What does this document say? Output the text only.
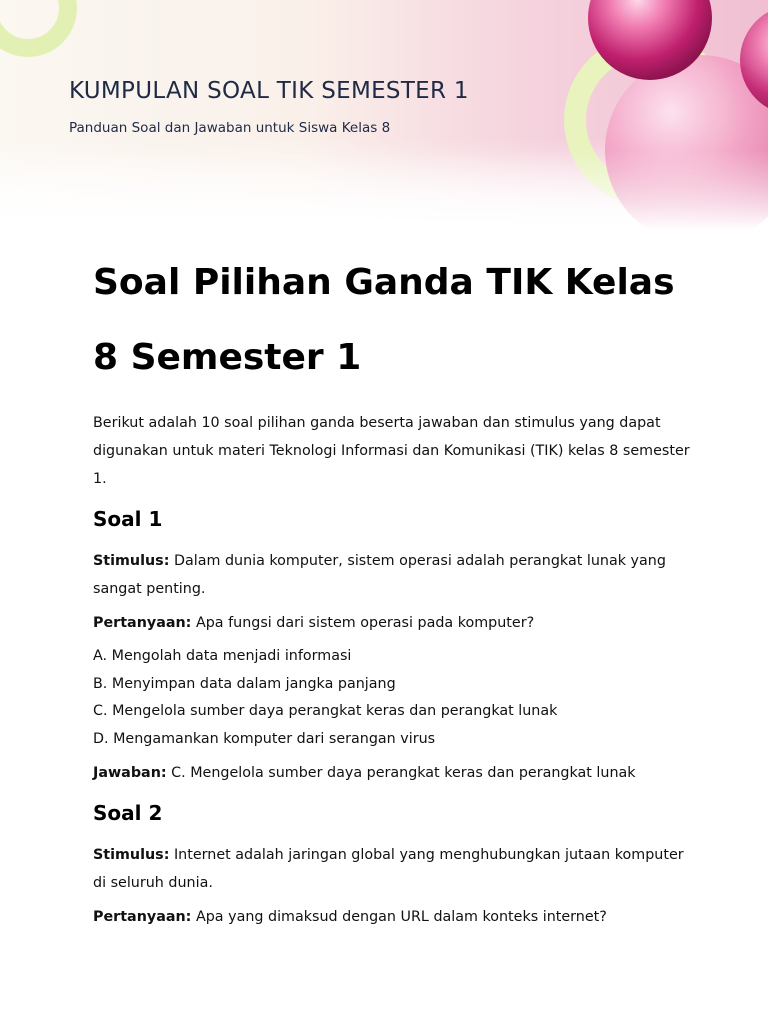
KUMPULAN SOAL TIK SEMESTER 1

Panduan Soal dan Jawaban untuk Siswa Kelas 8

Soal Pilihan Ganda TIK Kelas
8 Semester 1

Berikut adalah 10 soal pilihan ganda beserta jawaban dan stimulus yang dapat digunakan untuk materi Teknologi Informasi dan Komunikasi (TIK) kelas 8 semester 1.

Soal 1

Stimulus: Dalam dunia komputer, sistem operasi adalah perangkat lunak yang sangat penting.

Pertanyaan: Apa fungsi dari sistem operasi pada komputer?

A. Mengolah data menjadi informasi
B. Menyimpan data dalam jangka panjang
C. Mengelola sumber daya perangkat keras dan perangkat lunak
D. Mengamankan komputer dari serangan virus

Jawaban: C. Mengelola sumber daya perangkat keras dan perangkat lunak

Soal 2

Stimulus: Internet adalah jaringan global yang menghubungkan jutaan komputer di seluruh dunia.

Pertanyaan: Apa yang dimaksud dengan URL dalam konteks internet?
